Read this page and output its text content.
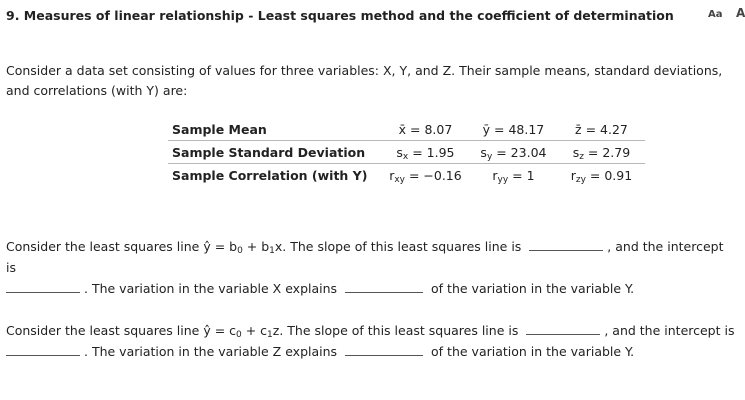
9. Measures of linear relationship - Least squares method and the coefficient of determination	Aa A
Consider a data set consisting of values for three variables: X, Y, and Z. Their sample means, standard deviations, and correlations (with Y) are:
Sample Mean	x̄ = 8.07	ȳ = 48.17	z̄ = 4.27
Sample Standard Deviation	$s_x = 1.95$	$s_y = 23.04$	$s_z = 2.79$
Sample Correlation (with Y)	$r_{xy} = -0.16$	$r_{yy} = 1$	$r_{zy} = 0.91$
Consider the least squares line ŷ = $b_0 + b_1x$. The slope of this least squares line is	, and the intercept is
. The variation in the variable X explains	of the variation in the variable Y.
Consider the least squares line ŷ = $c_0 + c_1z$. The slope of this least squares line is	, and the intercept is
. The variation in the variable Z explains	of the variation in the variable Y.
